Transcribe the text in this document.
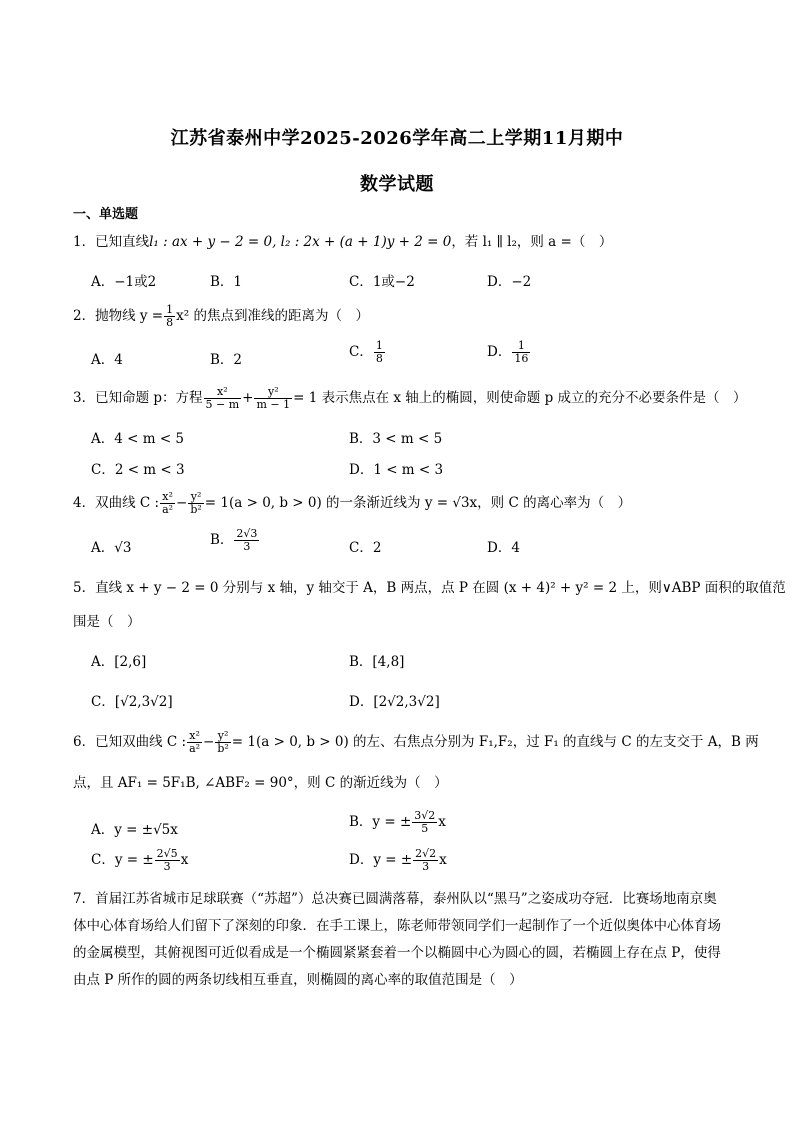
江苏省泰州中学2025-2026学年高二上学期11月期中
数学试题
一、单选题
1．已知直线l₁ : ax + y − 2 = 0, l₂ : 2x + (a + 1)y + 2 = 0，若 l₁ ∥ l₂，则 a =（　）
A．−1或2	B．1	C．1或−2	D．−2
2．抛物线 $y = \frac{1}{8} x^2$ 的焦点到准线的距离为（　）
A．4	B．2	C． $\frac{1}{8}$	D． $\frac{1}{16}$
3．已知命题 p：方程 $\frac{\text{x²}}{5 - m} + \frac{\text{y²}}{m - 1} = 1$ 表示焦点在 x 轴上的椭圆，则使命题 p 成立的充分不必要条件是（　）
A．4 < m < 5	B．3 < m < 5
C．2 < m < 3	D．1 < m < 3
4．双曲线 C : $\frac{\text{x²}}{\text{a²}} - \frac{\text{y²}}{\text{b²}} = 1(a > 0$, b > 0) 的一条渐近线为 y = √3x，则 C 的离心率为（　）
A．√3	B． $\frac{2√3}{3}$	C．2	D．4
5．直线 x + y − 2 = 0 分别与 x 轴，y 轴交于 A，B 两点，点 P 在圆 (x + 4)² + y² = 2 上，则∨ABP 面积的取值范
围是（　）
A．[2,6]	B．[4,8]
C．[√2,3√2]	D．[2√2,3√2]
6．已知双曲线 C : $\frac{\text{x²}}{\text{a²}} - \frac{\text{y²}}{\text{b²}} = 1(a > 0$, b > 0) 的左、右焦点分别为 F₁,F₂，过 F₁ 的直线与 C 的左支交于 A，B 两
点，且 AF₁ = 5F₁B, ∠ABF₂ = 90°，则 C 的渐近线为（　）
A．y = ±√5x	B．y = ± $\frac{3√2}{5}$ x
C．y = ± $\frac{2√5}{3}$ x	D．y = ± $\frac{2√2}{3}$ x
7．首届江苏省城市足球联赛（“苏超”）总决赛已圆满落幕，泰州队以“黑马”之姿成功夺冠．比赛场地南京奥体中心体育场给人们留下了深刻的印象．在手工课上，陈老师带领同学们一起制作了一个近似奥体中心体育场的金属模型，其俯视图可近似看成是一个椭圆紧紧套着一个以椭圆中心为圆心的圆，若椭圆上存在点 P，使得由点 P 所作的圆的两条切线相互垂直，则椭圆的离心率的取值范围是（　）
